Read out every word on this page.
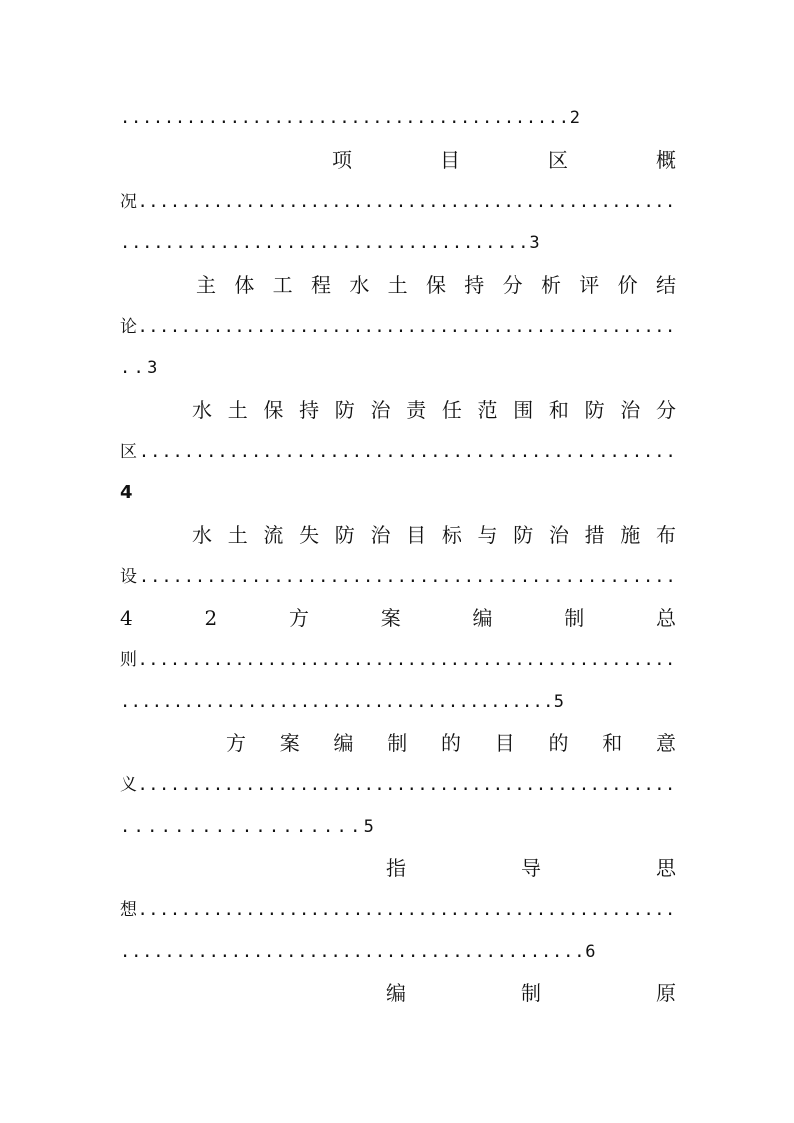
. . . . . . . . . . . . . . . . . . . . . . . . . . . . . . . . . . . . . . . . . 2
项	目	区	概
况 . . . . . . . . . . . . . . . . . . . . . . . . . . . . . . . . . . . . . . . . . . . . . . . . . .
. . . . . . . . . . . . . . . . . . . . . . . . . . . . . . . . . . . . . 3
主 体 工 程 水 土 保 持 分 析 评 价 结
论 . . . . . . . . . . . . . . . . . . . . . . . . . . . . . . . . . . . . . . . . . . . . . . . . . .
..3
水 土 保 持 防 治 责 任 范 围 和 防 治 分
区 . . . . . . . . . . . . . . . . . . . . . . . . . . . . . . . . . . . . . . . . . . . . . . . .
4
水 土 流 失 防 治 目 标 与 防 治 措 施 布
设 . . . . . . . . . . . . . . . . . . . . . . . . . . . . . . . . . . . . . . . . . . . . . . . .
4	2	方	案	编	制	总
则 . . . . . . . . . . . . . . . . . . . . . . . . . . . . . . . . . . . . . . . . . . . . . . . . . .
. . . . . . . . . . . . . . . . . . . . . . . . . . . . . . . . . . . . . . . . . 5
方 案 编 制 的 目 的 和 意
义 . . . . . . . . . . . . . . . . . . . . . . . . . . . . . . . . . . . . . . . . . . . . . . . . . .
..................5
指	导	思
想 . . . . . . . . . . . . . . . . . . . . . . . . . . . . . . . . . . . . . . . . . . . . . . . . . .
. . . . . . . . . . . . . . . . . . . . . . . . . . . . . . . . . . . . . . . . . . 6
编	制	原
